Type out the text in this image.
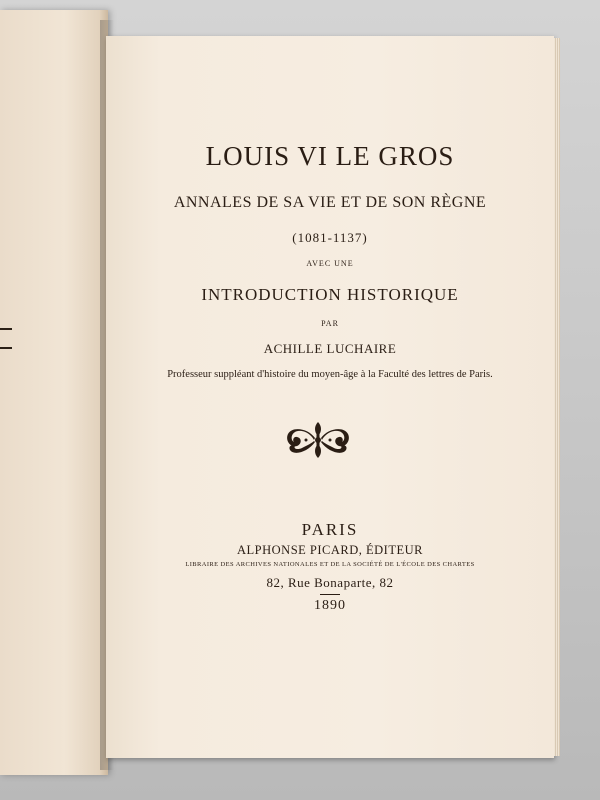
LOUIS VI LE GROS
ANNALES DE SA VIE ET DE SON RÈGNE
(1081-1137)
AVEC UNE
INTRODUCTION HISTORIQUE
PAR
ACHILLE LUCHAIRE
Professeur suppléant d'histoire du moyen-âge à la Faculté des lettres de Paris.
PARIS
ALPHONSE PICARD, ÉDITEUR
LIBRAIRE DES ARCHIVES NATIONALES ET DE LA SOCIÉTÉ DE L'ÉCOLE DES CHARTES
82, Rue Bonaparte, 82
1890
